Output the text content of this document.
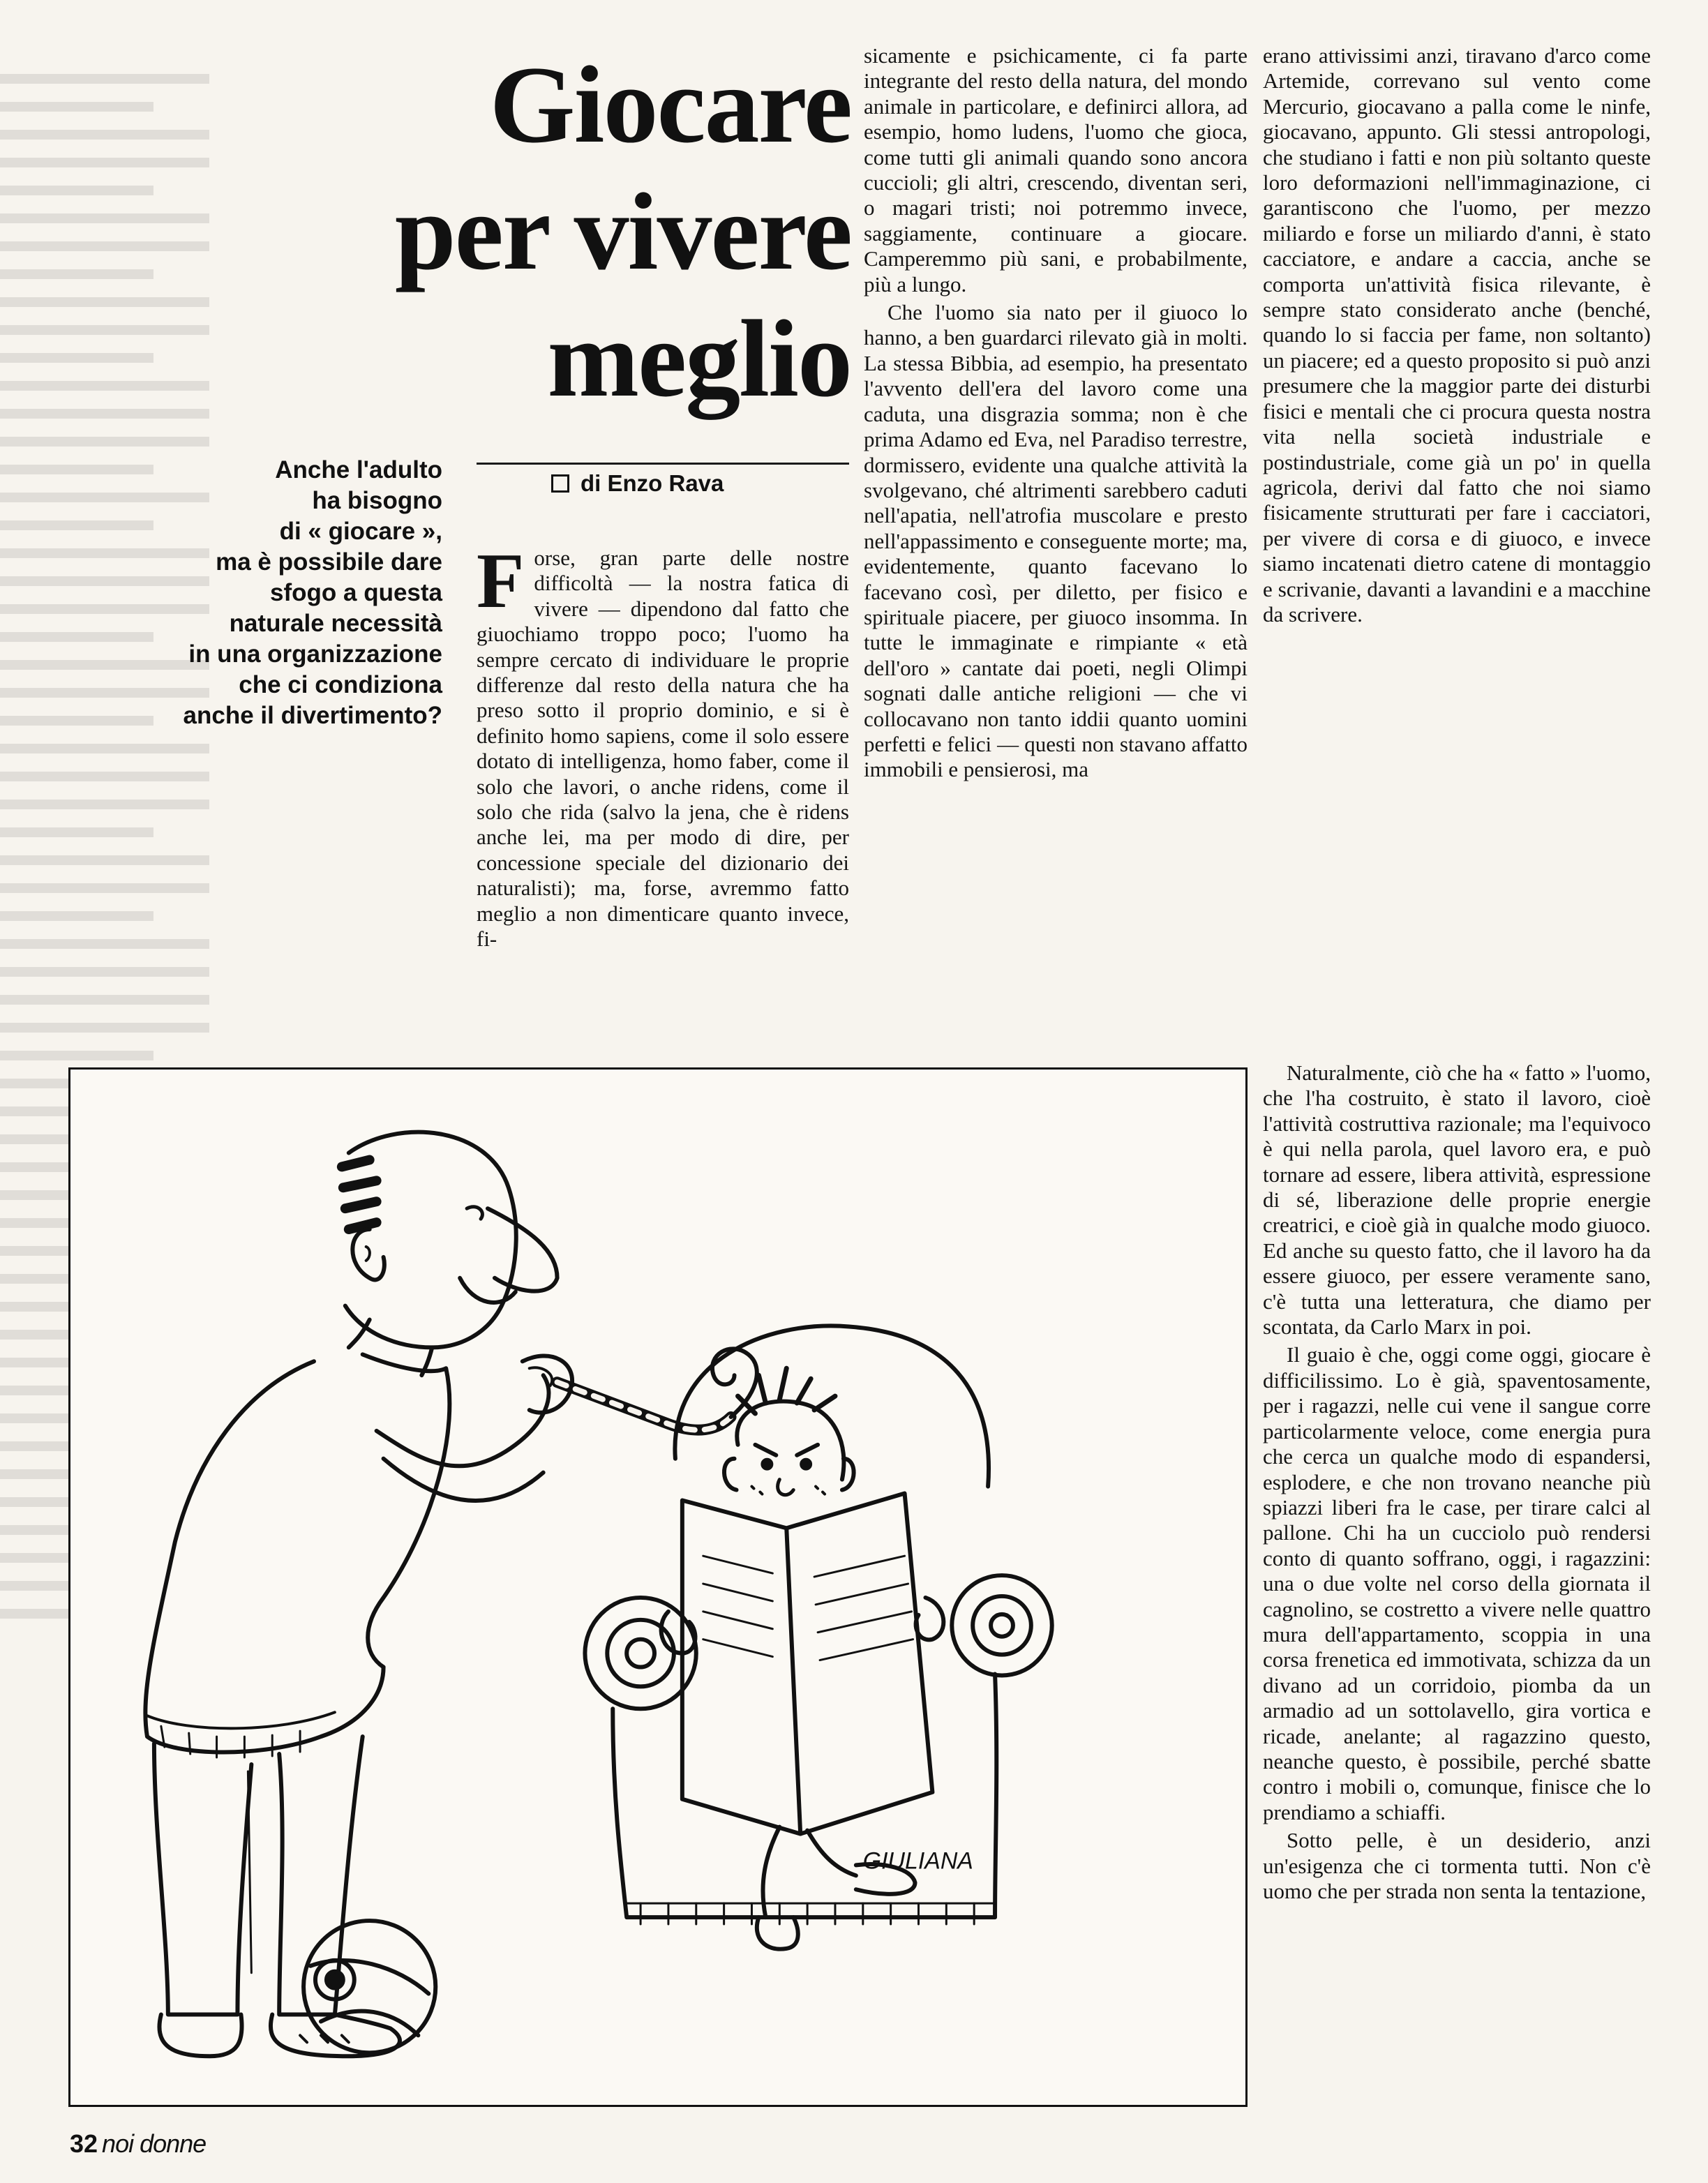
Giocare
per vivere
meglio
di Enzo Rava
Anche l'adulto
ha bisogno
di « giocare »,
ma è possibile dare
sfogo a questa
naturale necessità
in una organizzazione
che ci condiziona
anche il divertimento?

Forse, gran parte delle nostre difficoltà — la nostra fatica di vivere — dipendono dal fatto che giuochiamo troppo poco; l'uomo ha sempre cercato di individuare le proprie differenze dal resto della natura che ha preso sotto il proprio dominio, e si è definito homo sapiens, come il solo essere dotato di intelligenza, homo faber, come il solo che lavori, o anche ridens, come il solo che rida (salvo la jena, che è ridens anche lei, ma per modo di dire, per concessione speciale del dizionario dei naturalisti); ma, forse, avremmo fatto meglio a non dimenticare quanto invece, fi-

sicamente e psichicamente, ci fa parte integrante del resto della natura, del mondo animale in particolare, e definirci allora, ad esempio, homo ludens, l'uomo che gioca, come tutti gli animali quando sono ancora cuccioli; gli altri, crescendo, diventan seri, o magari tristi; noi potremmo invece, saggiamente, continuare a giocare. Camperemmo più sani, e probabilmente, più a lungo.

Che l'uomo sia nato per il giuoco lo hanno, a ben guardarci rilevato già in molti. La stessa Bibbia, ad esempio, ha presentato l'avvento dell'era del lavoro come una caduta, una disgrazia somma; non è che prima Adamo ed Eva, nel Paradiso terrestre, dormissero, evidente una qualche attività la svolgevano, ché altrimenti sarebbero caduti nell'apatia, nell'atrofia muscolare e presto nell'appassimento e conseguente morte; ma, evidentemente, quanto facevano lo facevano così, per diletto, per fisico e spirituale piacere, per giuoco insomma. In tutte le immaginate e rimpiante « età dell'oro » cantate dai poeti, negli Olimpi sognati dalle antiche religioni — che vi collocavano non tanto iddii quanto uomini perfetti e felici — questi non stavano affatto immobili e pensierosi, ma

erano attivissimi anzi, tiravano d'arco come Artemide, correvano sul vento come Mercurio, giocavano a palla come le ninfe, giocavano, appunto. Gli stessi antropologi, che studiano i fatti e non più soltanto queste loro deformazioni nell'immaginazione, ci garantiscono che l'uomo, per mezzo miliardo e forse un miliardo d'anni, è stato cacciatore, e andare a caccia, anche se comporta un'attività fisica rilevante, è sempre stato considerato anche (benché, quando lo si faccia per fame, non soltanto) un piacere; ed a questo proposito si può anzi presumere che la maggior parte dei disturbi fisici e mentali che ci procura questa nostra vita nella società industriale e postindustriale, come già un po' in quella agricola, derivi dal fatto che noi siamo fisicamente strutturati per fare i cacciatori, per vivere di corsa e di giuoco, e invece siamo incatenati dietro catene di montaggio e scrivanie, davanti a lavandini e a macchine da scrivere.

Naturalmente, ciò che ha « fatto » l'uomo, che l'ha costruito, è stato il lavoro, cioè l'attività costruttiva razionale; ma l'equivoco è qui nella parola, quel lavoro era, e può tornare ad essere, libera attività, espressione di sé, liberazione delle proprie energie creatrici, e cioè già in qualche modo giuoco. Ed anche su questo fatto, che il lavoro ha da essere giuoco, per essere veramente sano, c'è tutta una letteratura, che diamo per scontata, da Carlo Marx in poi.

Il guaio è che, oggi come oggi, giocare è difficilissimo. Lo è già, spaventosamente, per i ragazzi, nelle cui vene il sangue corre particolarmente veloce, come energia pura che cerca un qualche modo di espandersi, esplodere, e che non trovano neanche più spiazzi liberi fra le case, per tirare calci al pallone. Chi ha un cucciolo può rendersi conto di quanto soffrano, oggi, i ragazzini: una o due volte nel corso della giornata il cagnolino, se costretto a vivere nelle quattro mura dell'appartamento, scoppia in una corsa frenetica ed immotivata, schizza da un divano ad un corridoio, piomba da un armadio ad un sottolavello, gira vortica e ricade, anelante; al ragazzino questo, neanche questo, è possibile, perché sbatte contro i mobili o, comunque, finisce che lo prendiamo a schiaffi.

Sotto pelle, è un desiderio, anzi un'esigenza che ci tormenta tutti. Non c'è uomo che per strada non senta la tentazione,

GIULIANA
32 noi donne
